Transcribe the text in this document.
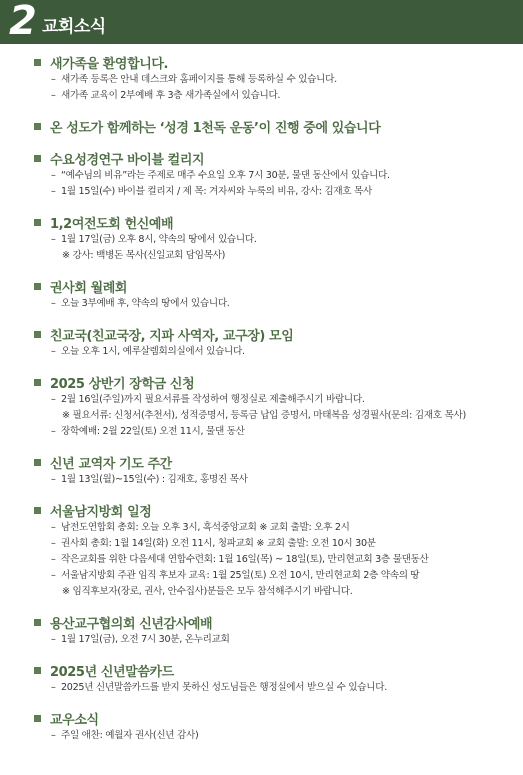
2 교회소식
새가족을 환영합니다.
– 새가족 등록은 안내 데스크와 홈페이지를 통해 등록하실 수 있습니다.
– 새가족 교육이 2부예배 후 3층 새가족실에서 있습니다.
온 성도가 함께하는 ‘성경 1천독 운동’이 진행 중에 있습니다
수요성경연구 바이블 컬리지
– “예수님의 비유”라는 주제로 매주 수요일 오후 7시 30분, 물댄 동산에서 있습니다.
– 1월 15일(수) 바이블 컬리지 / 제 목: 겨자씨와 누룩의 비유, 강사: 김재호 목사
1,2여전도회 헌신예배
– 1월 17일(금) 오후 8시, 약속의 땅에서 있습니다.
※ 강사: 백병돈 목사(신일교회 담임목사)
권사회 월례회
– 오늘 3부예배 후, 약속의 땅에서 있습니다.
친교국(친교국장, 지파 사역자, 교구장) 모임
– 오늘 오후 1시, 예루살렘회의실에서 있습니다.
2025 상반기 장학금 신청
– 2월 16일(주일)까지 필요서류를 작성하여 행정실로 제출해주시기 바랍니다.
※ 필요서류: 신청서(추천서), 성적증명서, 등록금 납입 증명서, 마태복음 성경필사(문의: 김재호 목사)
– 장학예배: 2월 22일(토) 오전 11시, 물댄 동산
신년 교역자 기도 주간
– 1월 13일(월)~15일(수) : 김재호, 홍명진 목사
서울남지방회 일정
– 남전도연합회 총회: 오늘 오후 3시, 흑석중앙교회 ※ 교회 출발: 오후 2시
– 권사회 총회: 1월 14일(화) 오전 11시, 청파교회 ※ 교회 출발: 오전 10시 30분
– 작은교회를 위한 다음세대 연합수련회: 1월 16일(목) ~ 18일(토), 만리현교회 3층 물댄동산
– 서울남지방회 주관 임직 후보자 교육: 1월 25일(토) 오전 10시, 만리현교회 2층 약속의 땅
※ 임직후보자(장로, 권사, 안수집사)분들은 모두 참석해주시기 바랍니다.
용산교구협의회 신년감사예배
– 1월 17일(금), 오전 7시 30분, 온누리교회
2025년 신년말씀카드
– 2025년 신년말씀카드를 받지 못하신 성도님들은 행정실에서 받으실 수 있습니다.
교우소식
– 주일 애찬: 예월자 권사(신년 감사)
